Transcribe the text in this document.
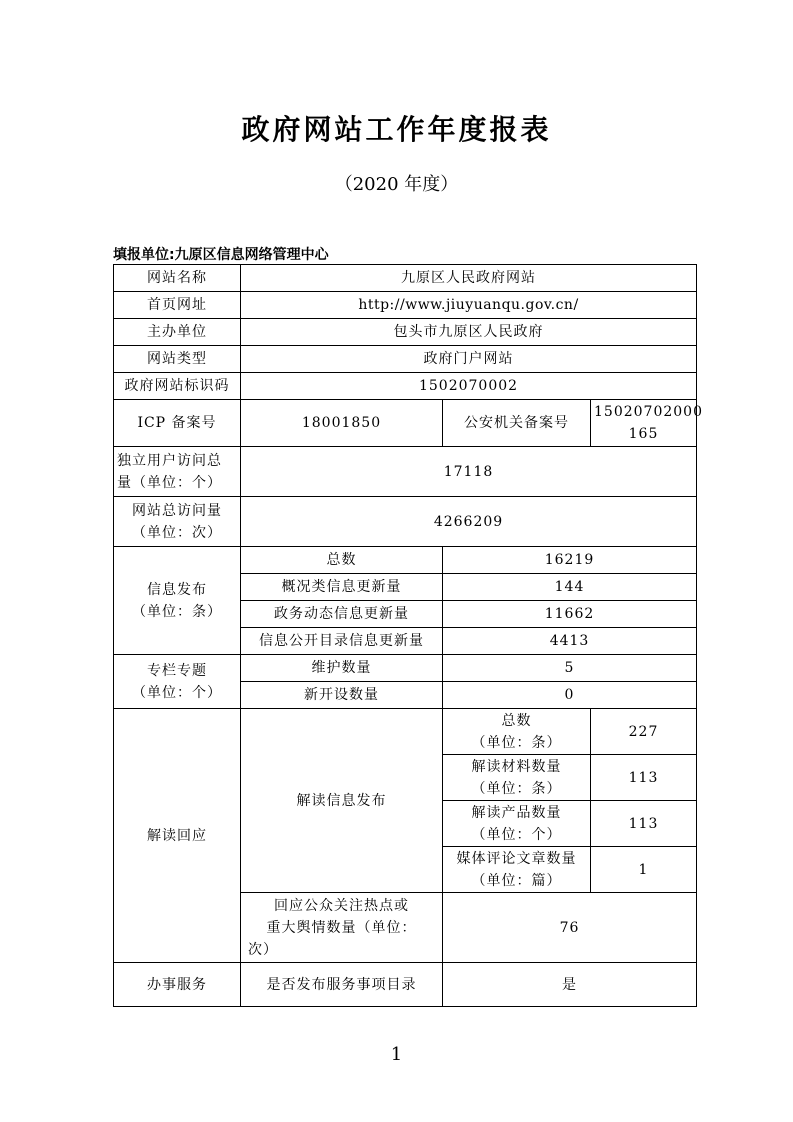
政府网站工作年度报表
（2020 年度）
填报单位:九原区信息网络管理中心
网站名称	九原区人民政府网站		
首页网址	http://www.jiuyuanqu.gov.cn/		
主办单位	包头市九原区人民政府		
网站类型	政府门户网站		
政府网站标识码	1502070002		
ICP 备案号	18001850	公安机关备案号	15020702000
165

独立用户访问总
量（单位：个）	17118		

网站总访问量
（单位：次）	4266209		

信息发布
（单位：条）	总数	16219	
	概况类信息更新量	144	
	政务动态信息更新量	11662	
	信息公开目录信息更新量	4413	

专栏专题
（单位：个）	维护数量	5	
	新开设数量	0	
解读回应	解读信息发布	总数
（单位：条）	227

		解读材料数量
（单位：条）	113

		解读产品数量
（单位：个）	113

		媒体评论文章数量
（单位：篇）	1

	回应公众关注热点或
重大舆情数量（单位：
次）	76	
办事服务	是否发布服务事项目录	是	
1
